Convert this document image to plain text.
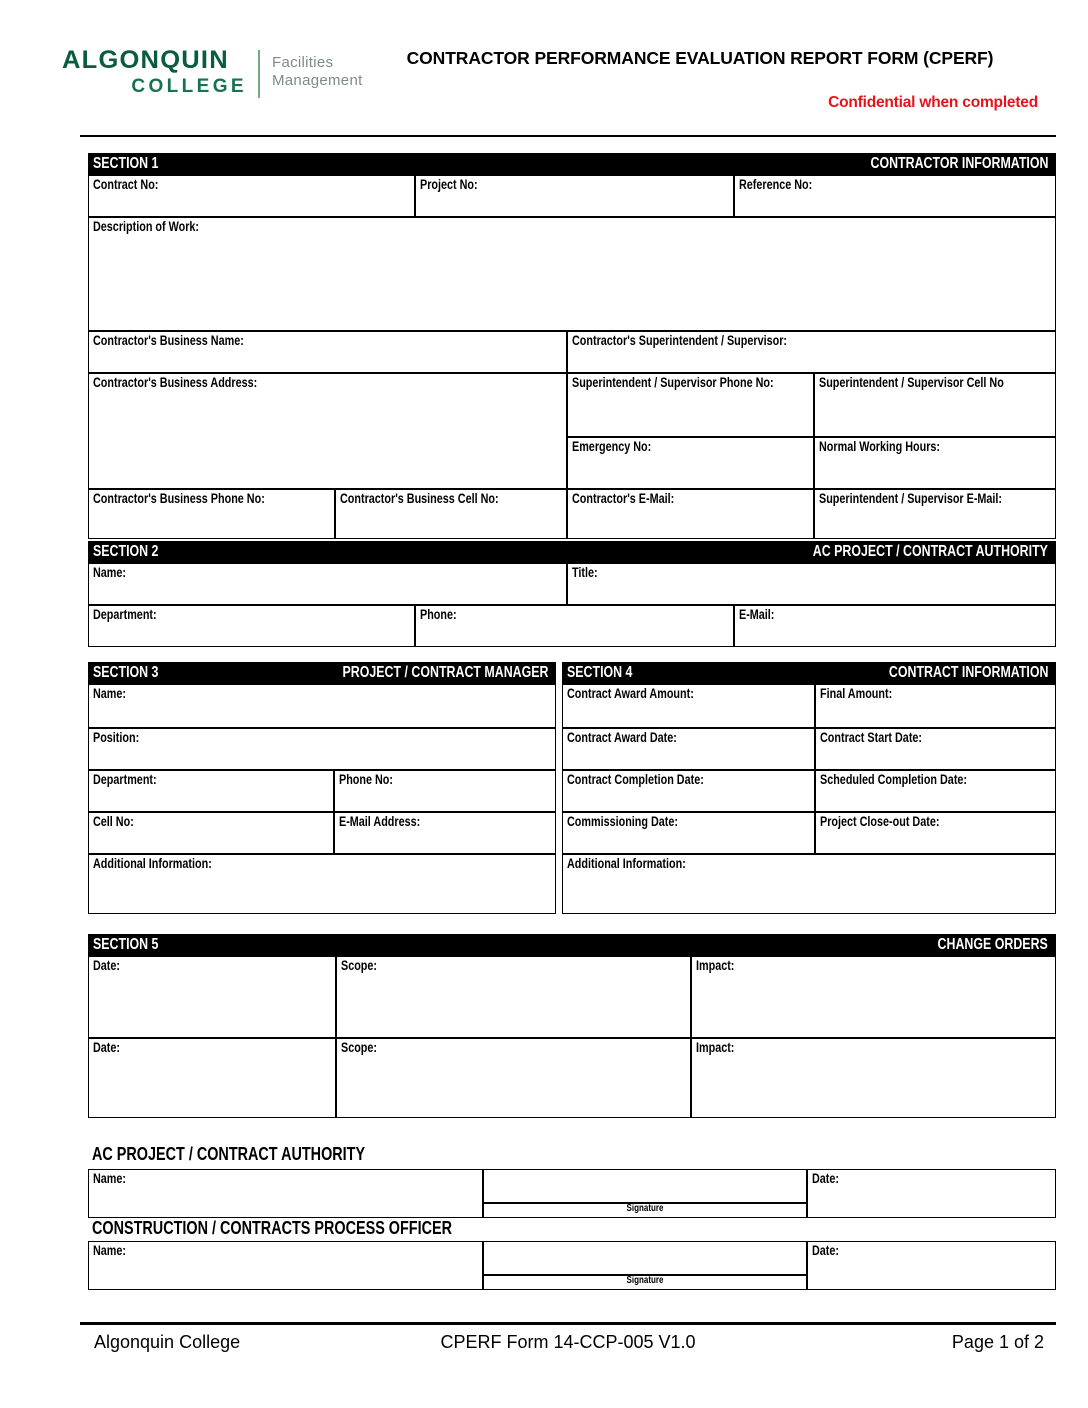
ALGONQUIN
COLLEGE
Facilities
Management
CONTRACTOR PERFORMANCE EVALUATION REPORT FORM (CPERF)
Confidential when completed
SECTION 1	CONTRACTOR INFORMATION
Contract No:	Project No:	Reference No:
Description of Work:
Contractor's Business Name:	Contractor's Superintendent / Supervisor:
Contractor's Business Address:	Superintendent / Supervisor Phone No:	Superintendent / Supervisor Cell No
Emergency No:	Normal Working Hours:
Contractor's Business Phone No:	Contractor's Business Cell No:	Contractor's E-Mail:	Superintendent / Supervisor E-Mail:
SECTION 2	AC PROJECT / CONTRACT AUTHORITY
Name:	Title:
Department:	Phone:	E-Mail:
SECTION 3	PROJECT / CONTRACT MANAGER
Name:
Position:
Department:	Phone No:
Cell No:	E-Mail Address:
Additional Information:
SECTION 4	CONTRACT INFORMATION
Contract Award Amount:	Final Amount:
Contract Award Date:	Contract Start Date:
Contract Completion Date:	Scheduled Completion Date:
Commissioning Date:	Project Close-out Date:
Additional Information:
SECTION 5	CHANGE ORDERS
Date:	Scope:	Impact:
Date:	Scope:	Impact:
AC PROJECT / CONTRACT AUTHORITY
Name:
Signature
Date:
CONSTRUCTION / CONTRACTS PROCESS OFFICER
Name:
Signature
Date:
Algonquin College	CPERF Form 14-CCP-005 V1.0	Page 1 of 2
